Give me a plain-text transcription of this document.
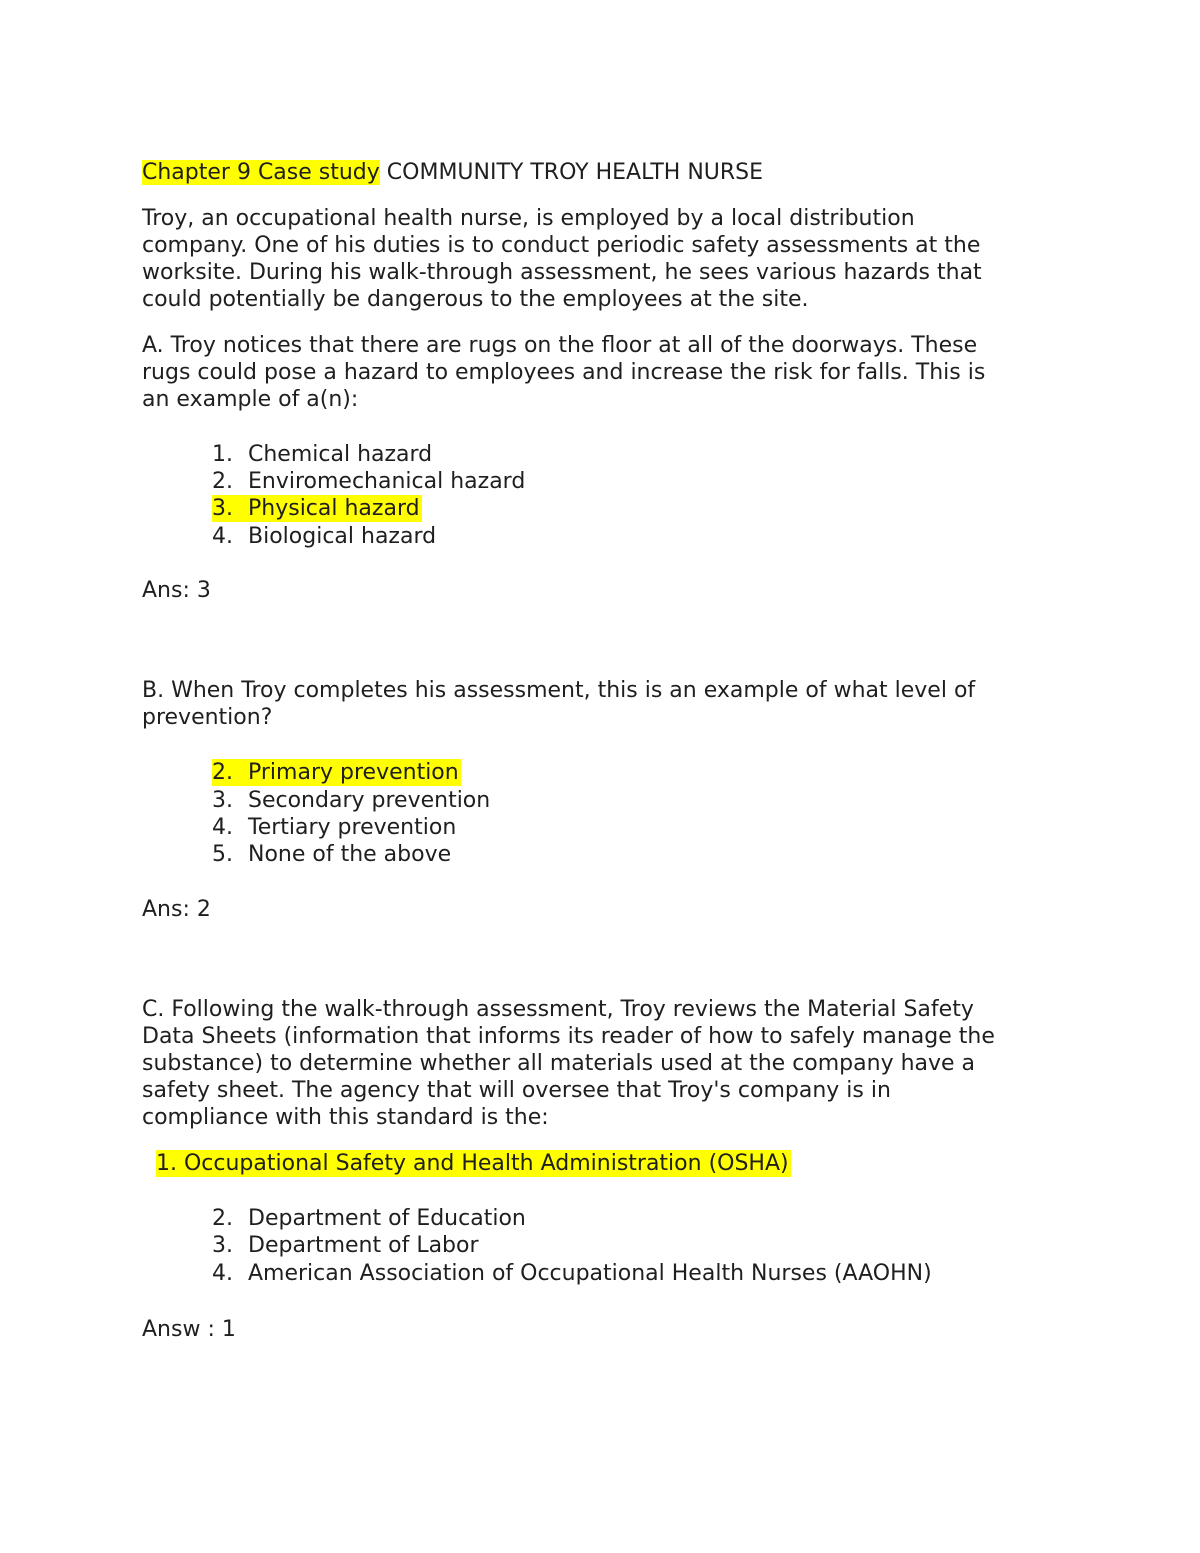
Chapter 9 Case study COMMUNITY TROY HEALTH NURSE
Troy, an occupational health nurse, is employed by a local distribution
company. One of his duties is to conduct periodic safety assessments at the
worksite. During his walk-through assessment, he sees various hazards that
could potentially be dangerous to the employees at the site.
A. Troy notices that there are rugs on the floor at all of the doorways. These
rugs could pose a hazard to employees and increase the risk for falls. This is
an example of a(n):
1. Chemical hazard
2. Enviromechanical hazard
3. Physical hazard
4. Biological hazard
Ans: 3
B. When Troy completes his assessment, this is an example of what level of
prevention?
2. Primary prevention
3. Secondary prevention
4. Tertiary prevention
5. None of the above
Ans: 2
C. Following the walk-through assessment, Troy reviews the Material Safety
Data Sheets (information that informs its reader of how to safely manage the
substance) to determine whether all materials used at the company have a
safety sheet. The agency that will oversee that Troy's company is in
compliance with this standard is the:
1. Occupational Safety and Health Administration (OSHA)
2. Department of Education
3. Department of Labor
4. American Association of Occupational Health Nurses (AAOHN)
Answ : 1
